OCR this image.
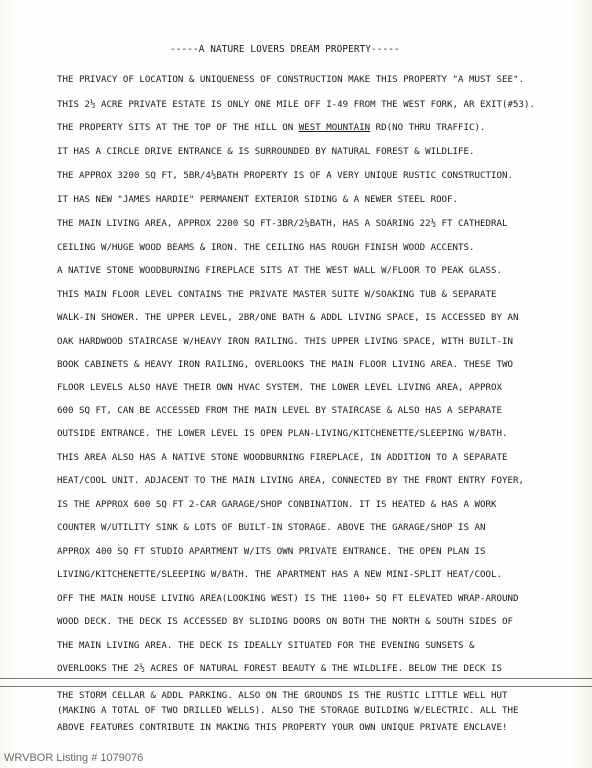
-----A NATURE LOVERS DREAM PROPERTY-----
THE PRIVACY OF LOCATION & UNIQUENESS OF CONSTRUCTION MAKE THIS PROPERTY "A MUST SEE".
THIS 2½ ACRE PRIVATE ESTATE IS ONLY ONE MILE OFF I-49 FROM THE WEST FORK, AR EXIT(#53).
THE PROPERTY SITS AT THE TOP OF THE HILL ON WEST MOUNTAIN RD(NO THRU TRAFFIC).
IT HAS A CIRCLE DRIVE ENTRANCE & IS SURROUNDED BY NATURAL FOREST & WILDLIFE.
THE APPROX 3200 SQ FT, 5BR/4½BATH PROPERTY IS OF A VERY UNIQUE RUSTIC CONSTRUCTION.
IT HAS NEW "JAMES HARDIE" PERMANENT EXTERIOR SIDING & A NEWER STEEL ROOF.
THE MAIN LIVING AREA, APPROX 2200 SQ FT-3BR/2½BATH, HAS A SOARING 22½ FT CATHEDRAL
CEILING W/HUGE WOOD BEAMS & IRON. THE CEILING HAS ROUGH FINISH WOOD ACCENTS.
A NATIVE STONE WOODBURNING FIREPLACE SITS AT THE WEST WALL W/FLOOR TO PEAK GLASS.
THIS MAIN FLOOR LEVEL CONTAINS THE PRIVATE MASTER SUITE W/SOAKING TUB & SEPARATE
WALK-IN SHOWER. THE UPPER LEVEL, 2BR/ONE BATH & ADDL LIVING SPACE, IS ACCESSED BY AN
OAK HARDWOOD STAIRCASE W/HEAVY IRON RAILING. THIS UPPER LIVING SPACE, WITH BUILT-IN
BOOK CABINETS & HEAVY IRON RAILING, OVERLOOKS THE MAIN FLOOR LIVING AREA. THESE TWO
FLOOR LEVELS ALSO HAVE THEIR OWN HVAC SYSTEM. THE LOWER LEVEL LIVING AREA, APPROX
600 SQ FT, CAN BE ACCESSED FROM THE MAIN LEVEL BY STAIRCASE & ALSO HAS A SEPARATE
OUTSIDE ENTRANCE. THE LOWER LEVEL IS OPEN PLAN-LIVING/KITCHENETTE/SLEEPING W/BATH.
THIS AREA ALSO HAS A NATIVE STONE WOODBURNING FIREPLACE, IN ADDITION TO A SEPARATE
HEAT/COOL UNIT. ADJACENT TO THE MAIN LIVING AREA, CONNECTED BY THE FRONT ENTRY FOYER,
IS THE APPROX 600 SQ FT 2-CAR GARAGE/SHOP CONBINATION. IT IS HEATED & HAS A WORK
COUNTER W/UTILITY SINK & LOTS OF BUILT-IN STORAGE. ABOVE THE GARAGE/SHOP IS AN
APPROX 400 SQ FT STUDIO APARTMENT W/ITS OWN PRIVATE ENTRANCE. THE OPEN PLAN IS
LIVING/KITCHENETTE/SLEEPING W/BATH. THE APARTMENT HAS A NEW MINI-SPLIT HEAT/COOL.
OFF THE MAIN HOUSE LIVING AREA(LOOKING WEST) IS THE 1100+ SQ FT ELEVATED WRAP-AROUND
WOOD DECK. THE DECK IS ACCESSED BY SLIDING DOORS ON BOTH THE NORTH & SOUTH SIDES OF
THE MAIN LIVING AREA. THE DECK IS IDEALLY SITUATED FOR THE EVENING SUNSETS &
OVERLOOKS THE 2½ ACRES OF NATURAL FOREST BEAUTY & THE WILDLIFE. BELOW THE DECK IS
THE STORM CELLAR & ADDL PARKING. ALSO ON THE GROUNDS IS THE RUSTIC LITTLE WELL HUT
(MAKING A TOTAL OF TWO DRILLED WELLS). ALSO THE STORAGE BUILDING W/ELECTRIC. ALL THE
ABOVE FEATURES CONTRIBUTE IN MAKING THIS PROPERTY YOUR OWN UNIQUE PRIVATE ENCLAVE!
WRVBOR Listing # 1079076
